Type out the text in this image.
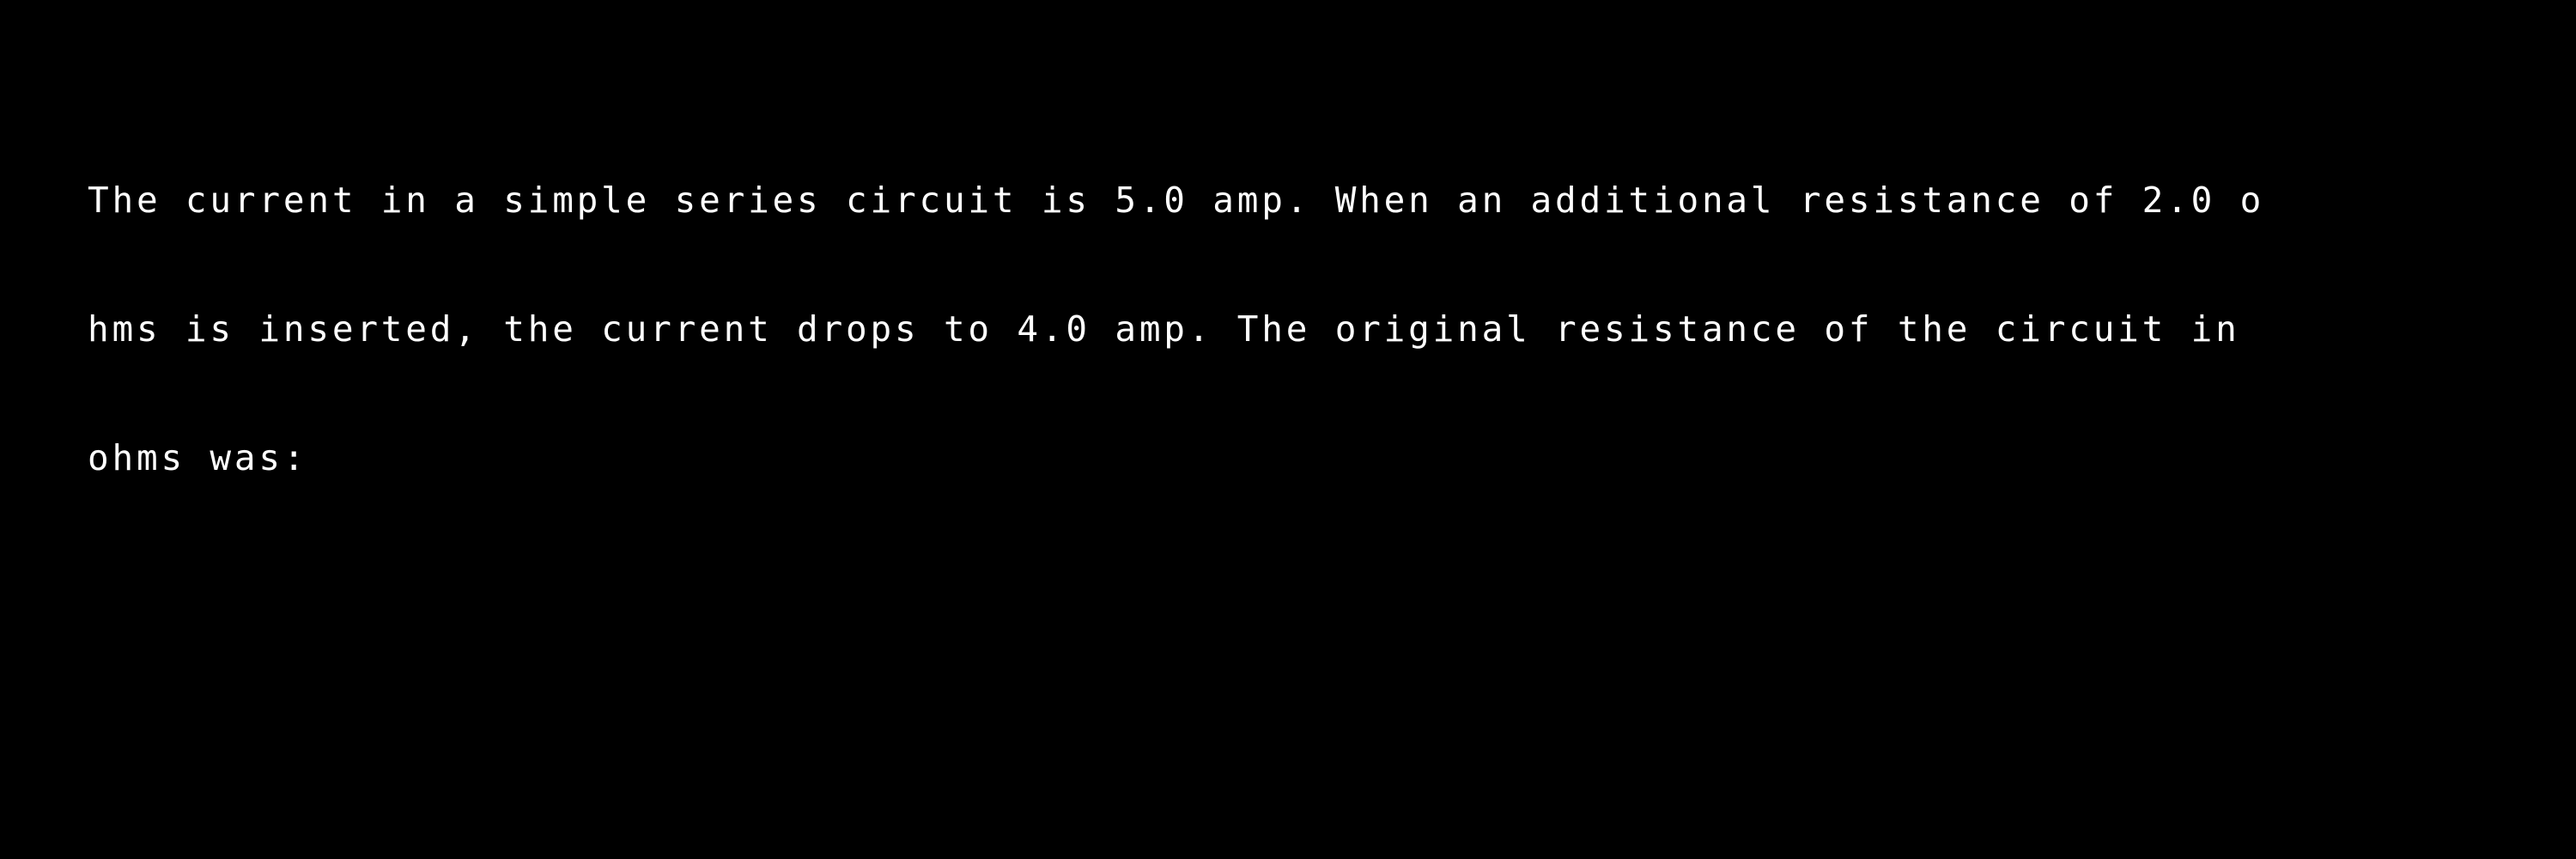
The current in a simple series circuit is 5.0 amp. When an additional resistance of 2.0 o

hms is inserted, the current drops to 4.0 amp. The original resistance of the circuit in

ohms was:
